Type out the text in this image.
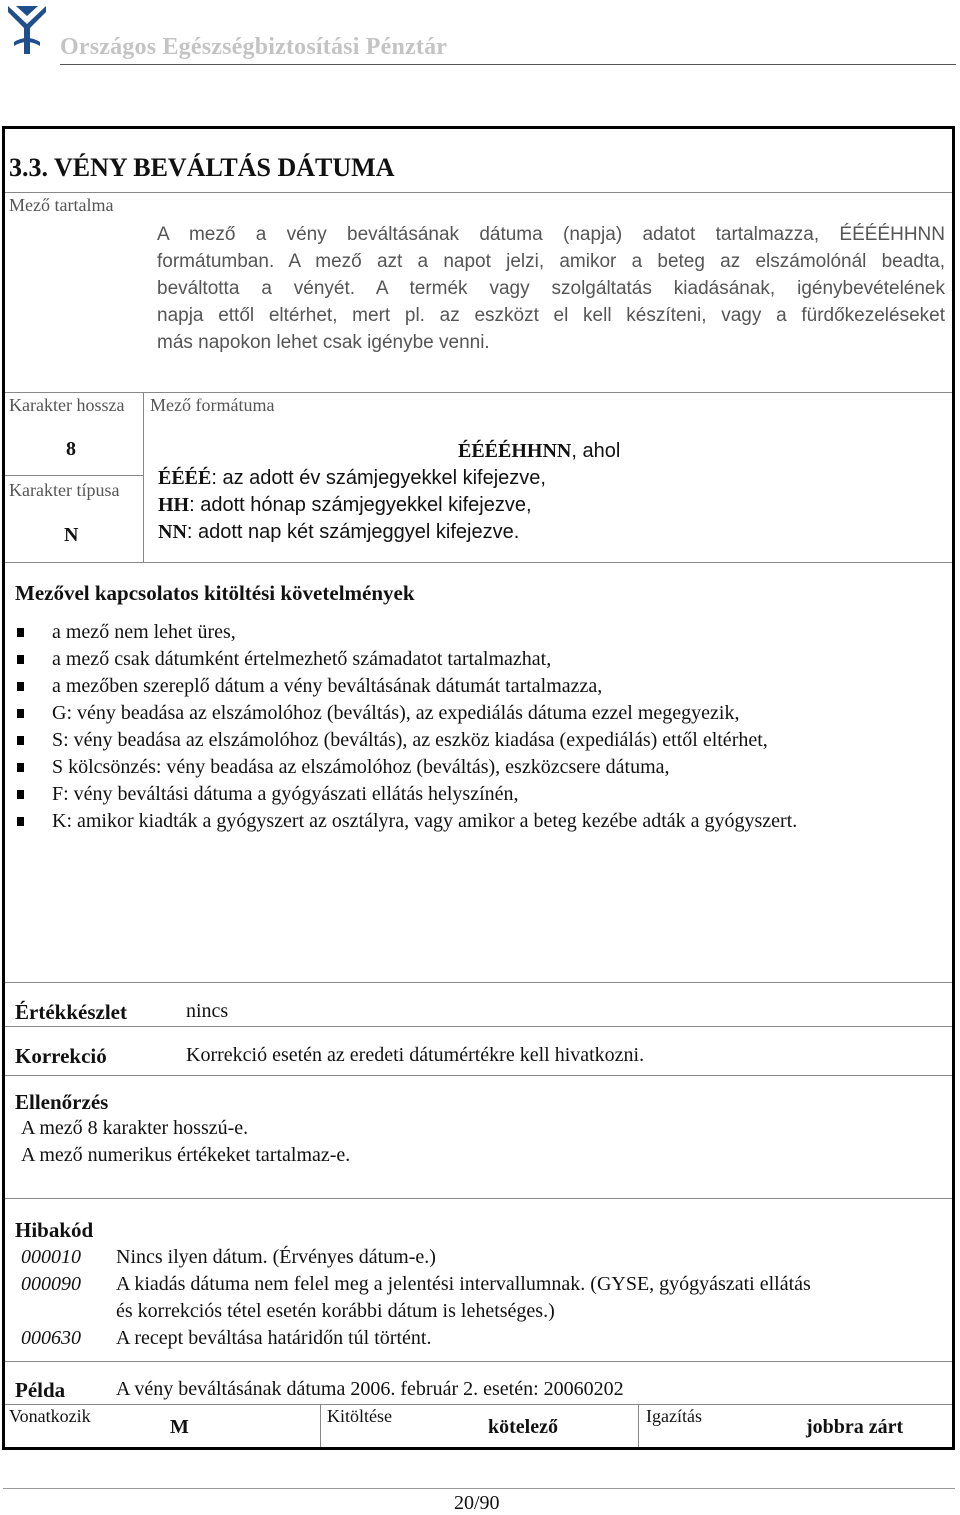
Országos Egészségbiztosítási Pénztár
3.3. VÉNY BEVÁLTÁS DÁTUMA
Mező tartalma
A mező a vény beváltásának dátuma (napja) adatot tartalmazza, ÉÉÉÉHHNN
formátumban. A mező azt a napot jelzi, amikor a beteg az elszámolónál beadta,
beváltotta a vényét. A termék vagy szolgáltatás kiadásának, igénybevételének
napja ettől eltérhet, mert pl. az eszközt el kell készíteni, vagy a fürdőkezeléseket
más napokon lehet csak igénybe venni.
Karakter hossza
8
Karakter típusa
N
Mező formátuma
ÉÉÉÉHHNN, ahol
ÉÉÉÉ: az adott év számjegyekkel kifejezve,
HH: adott hónap számjegyekkel kifejezve,
NN: adott nap két számjeggyel kifejezve.
Mezővel kapcsolatos kitöltési követelmények
a mező nem lehet üres,
a mező csak dátumként értelmezhető számadatot tartalmazhat,
a mezőben szereplő dátum a vény beváltásának dátumát tartalmazza,
G: vény beadása az elszámolóhoz (beváltás), az expediálás dátuma ezzel megegyezik,
S: vény beadása az elszámolóhoz (beváltás), az eszköz kiadása (expediálás) ettől eltérhet,
S kölcsönzés: vény beadása az elszámolóhoz (beváltás), eszközcsere dátuma,
F: vény beváltási dátuma a gyógyászati ellátás helyszínén,
K: amikor kiadták a gyógyszert az osztályra, vagy amikor a beteg kezébe adták a gyógyszert.
Értékkészlet	nincs
Korrekció	Korrekció esetén az eredeti dátumértékre kell hivatkozni.
Ellenőrzés
A mező 8 karakter hosszú-e.
A mező numerikus értékeket tartalmaz-e.
Hibakód
000010 Nincs ilyen dátum. (Érvényes dátum-e.)
000090 A kiadás dátuma nem felel meg a jelentési intervallumnak. (GYSE, gyógyászati ellátás
és korrekciós tétel esetén korábbi dátum is lehetséges.)
000630 A recept beváltása határidőn túl történt.
Példa	A vény beváltásának dátuma 2006. február 2. esetén: 20060202
Vonatkozik	M	Kitöltése	kötelező	Igazítás	jobbra zárt
20/90
